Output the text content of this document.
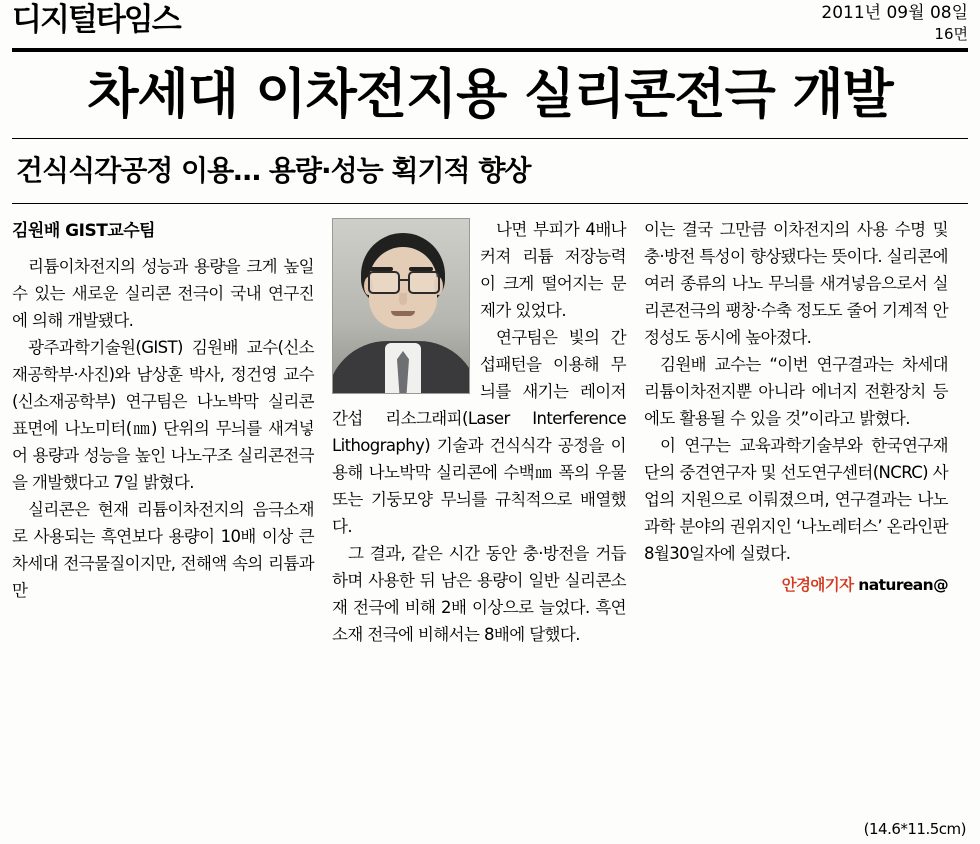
디지털타임스	2011년 09월 08일
16면
차세대 이차전지용 실리콘전극 개발
건식식각공정 이용… 용량·성능 획기적 향상
김원배 GIST교수팀

리튬이차전지의 성능과 용량을 크게 높일 수 있는 새로운 실리콘 전극이 국내 연구진에 의해 개발됐다.

광주과학기술원(GIST) 김원배 교수(신소재공학부·사진)와 남상훈 박사, 정건영 교수(신소재공학부) 연구팀은 나노박막 실리콘 표면에 나노미터(㎚) 단위의 무늬를 새겨넣어 용량과 성능을 높인 나노구조 실리콘전극을 개발했다고 7일 밝혔다.

실리콘은 현재 리튬이차전지의 음극소재로 사용되는 흑연보다 용량이 10배 이상 큰 차세대 전극물질이지만, 전해액 속의 리튬과 만

나면 부피가 4배나 커져 리튬 저장능력이 크게 떨어지는 문제가 있었다.

연구팀은 빛의 간섭패턴을 이용해 무늬를 새기는 레이저 간섭 리소그래피(Laser Interference Lithography) 기술과 건식식각 공정을 이용해 나노박막 실리콘에 수백㎚ 폭의 우물 또는 기둥모양 무늬를 규칙적으로 배열했다.

그 결과, 같은 시간 동안 충·방전을 거듭하며 사용한 뒤 남은 용량이 일반 실리콘소재 전극에 비해 2배 이상으로 늘었다. 흑연 소재 전극에 비해서는 8배에 달했다.

이는 결국 그만큼 이차전지의 사용 수명 및 충·방전 특성이 향상됐다는 뜻이다. 실리콘에 여러 종류의 나노 무늬를 새겨넣음으로서 실리콘전극의 팽창·수축 정도도 줄어 기계적 안정성도 동시에 높아졌다.

김원배 교수는 “이번 연구결과는 차세대 리튬이차전지뿐 아니라 에너지 전환장치 등에도 활용될 수 있을 것”이라고 밝혔다.

이 연구는 교육과학기술부와 한국연구재단의 중견연구자 및 선도연구센터(NCRC) 사업의 지원으로 이뤄졌으며, 연구결과는 나노과학 분야의 권위지인 ‘나노레터스’ 온라인판 8월30일자에 실렸다.

안경애기자 naturean@
(14.6*11.5cm)
